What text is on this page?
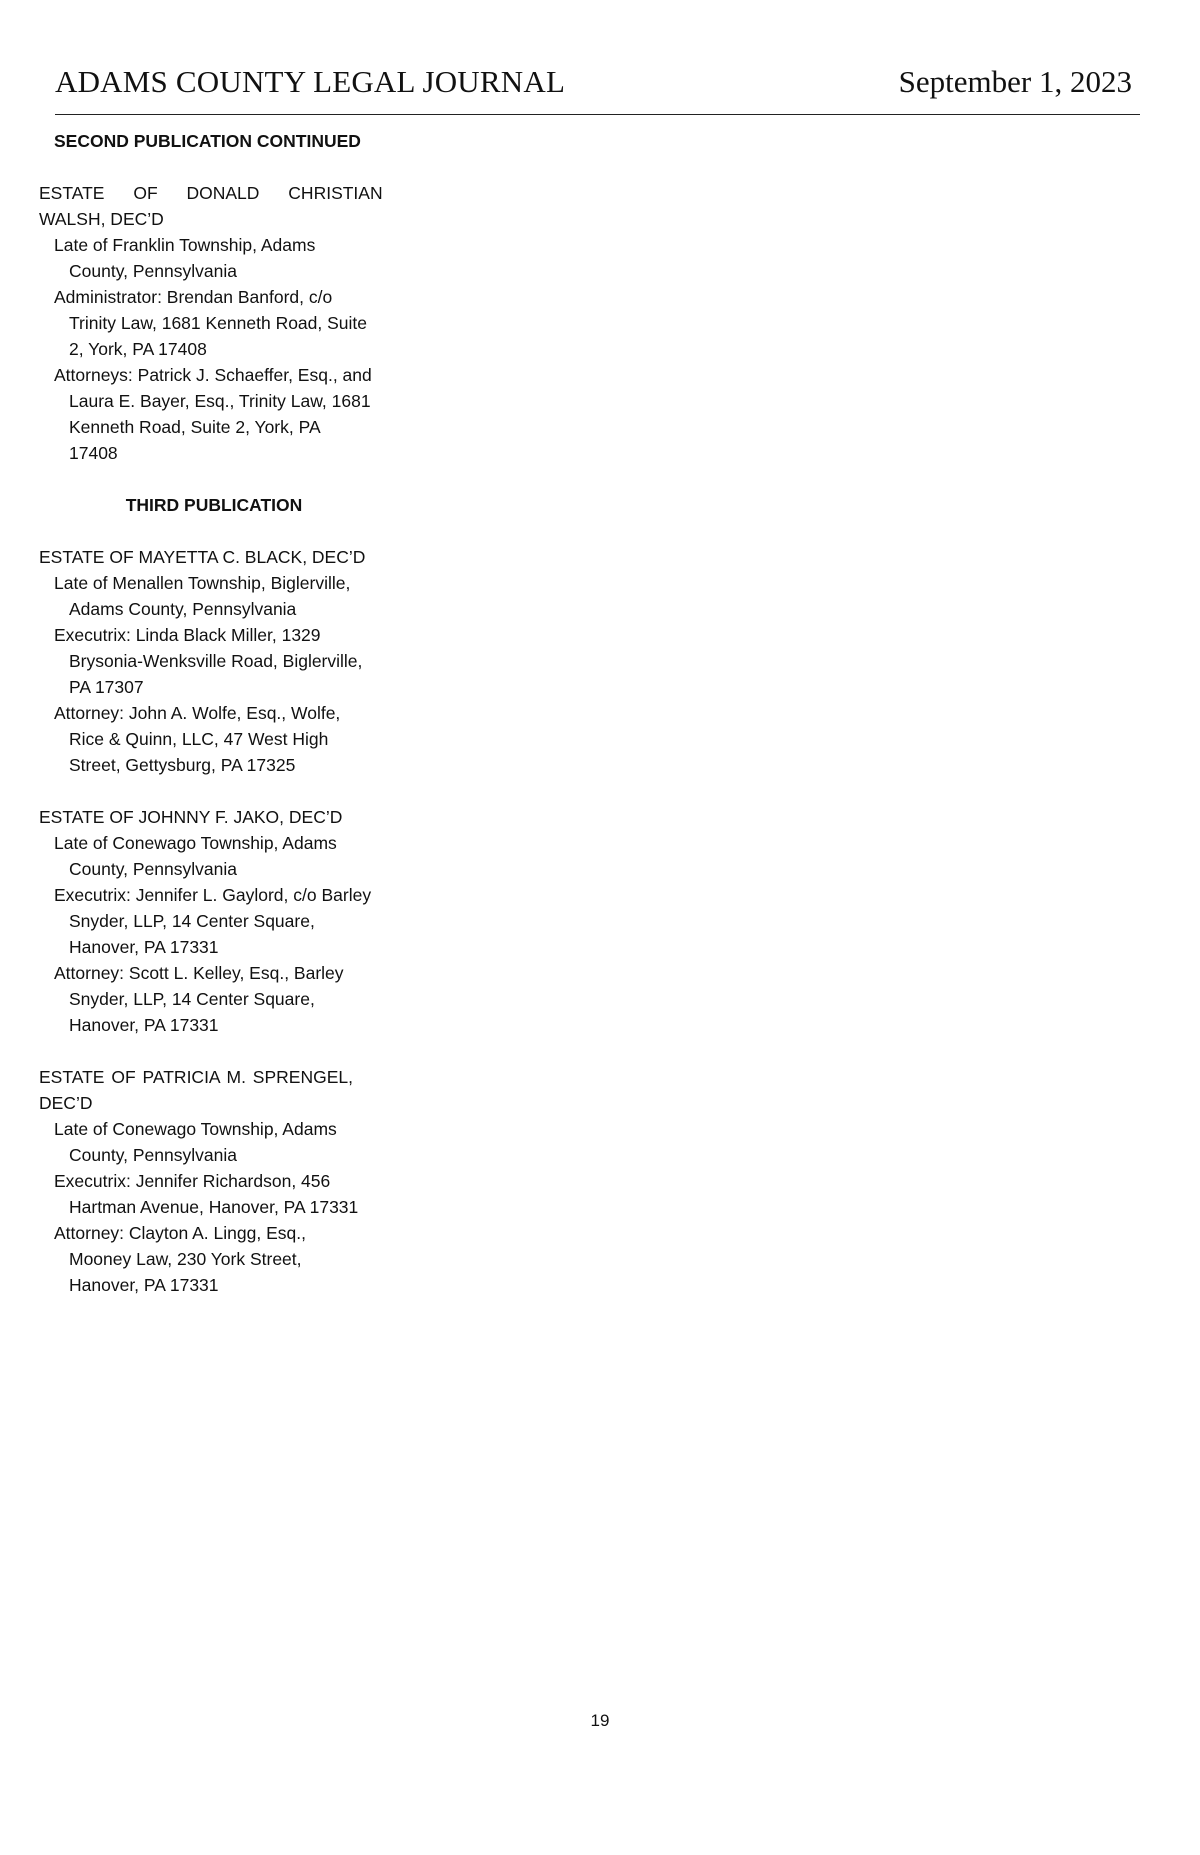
ADAMS COUNTY LEGAL JOURNAL	September 1, 2023
SECOND PUBLICATION CONTINUED
ESTATE OF DONALD CHRISTIAN
WALSH, DEC’D
Late of Franklin Township, Adams
County, Pennsylvania
Administrator: Brendan Banford, c/o
Trinity Law, 1681 Kenneth Road, Suite
2, York, PA 17408
Attorneys: Patrick J. Schaeffer, Esq., and
Laura E. Bayer, Esq., Trinity Law, 1681
Kenneth Road, Suite 2, York, PA
17408
THIRD PUBLICATION
ESTATE OF MAYETTA C. BLACK, DEC’D
Late of Menallen Township, Biglerville,
Adams County, Pennsylvania
Executrix: Linda Black Miller, 1329
Brysonia-Wenksville Road, Biglerville,
PA 17307
Attorney: John A. Wolfe, Esq., Wolfe,
Rice & Quinn, LLC, 47 West High
Street, Gettysburg, PA 17325
ESTATE OF JOHNNY F. JAKO, DEC’D
Late of Conewago Township, Adams
County, Pennsylvania
Executrix: Jennifer L. Gaylord, c/o Barley
Snyder, LLP, 14 Center Square,
Hanover, PA 17331
Attorney: Scott L. Kelley, Esq., Barley
Snyder, LLP, 14 Center Square,
Hanover, PA 17331
ESTATE OF PATRICIA M. SPRENGEL,
DEC’D
Late of Conewago Township, Adams
County, Pennsylvania
Executrix: Jennifer Richardson, 456
Hartman Avenue, Hanover, PA 17331
Attorney: Clayton A. Lingg, Esq.,
Mooney Law, 230 York Street,
Hanover, PA 17331
19
